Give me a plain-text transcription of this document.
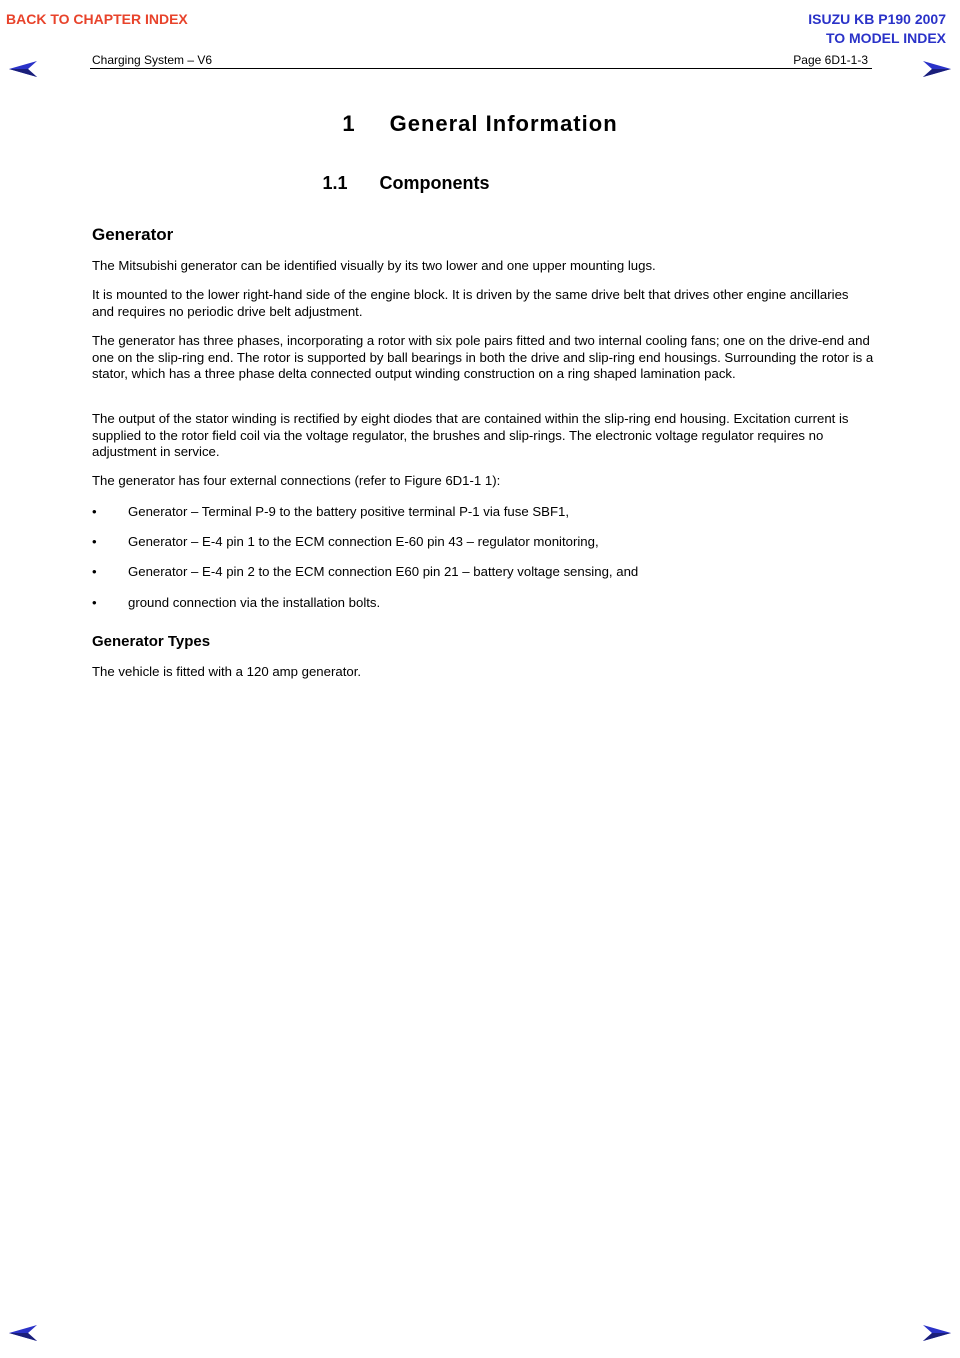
BACK TO CHAPTER INDEX	ISUZU KB P190 2007
TO MODEL INDEX
Charging System – V6	Page 6D1-1-3
1 General Information
1.1 Components

Generator

The Mitsubishi generator can be identified visually by its two lower and one upper mounting lugs.

It is mounted to the lower right-hand side of the engine block. It is driven by the same drive belt that drives other engine ancillaries and requires no periodic drive belt adjustment.

The generator has three phases, incorporating a rotor with six pole pairs fitted and two internal cooling fans; one on the drive-end and one on the slip-ring end. The rotor is supported by ball bearings in both the drive and slip-ring end housings. Surrounding the rotor is a stator, which has a three phase delta connected output winding construction on a ring shaped lamination pack.

The output of the stator winding is rectified by eight diodes that are contained within the slip-ring end housing. Excitation current is supplied to the rotor field coil via the voltage regulator, the brushes and slip-rings. The electronic voltage regulator requires no adjustment in service.

The generator has four external connections (refer to Figure 6D1-1 1):

• Generator – Terminal P-9 to the battery positive terminal P-1 via fuse SBF1,
• Generator – E-4 pin 1 to the ECM connection E-60 pin 43 – regulator monitoring,
• Generator – E-4 pin 2 to the ECM connection E60 pin 21 – battery voltage sensing, and
• ground connection via the installation bolts.

Generator Types

The vehicle is fitted with a 120 amp generator.
